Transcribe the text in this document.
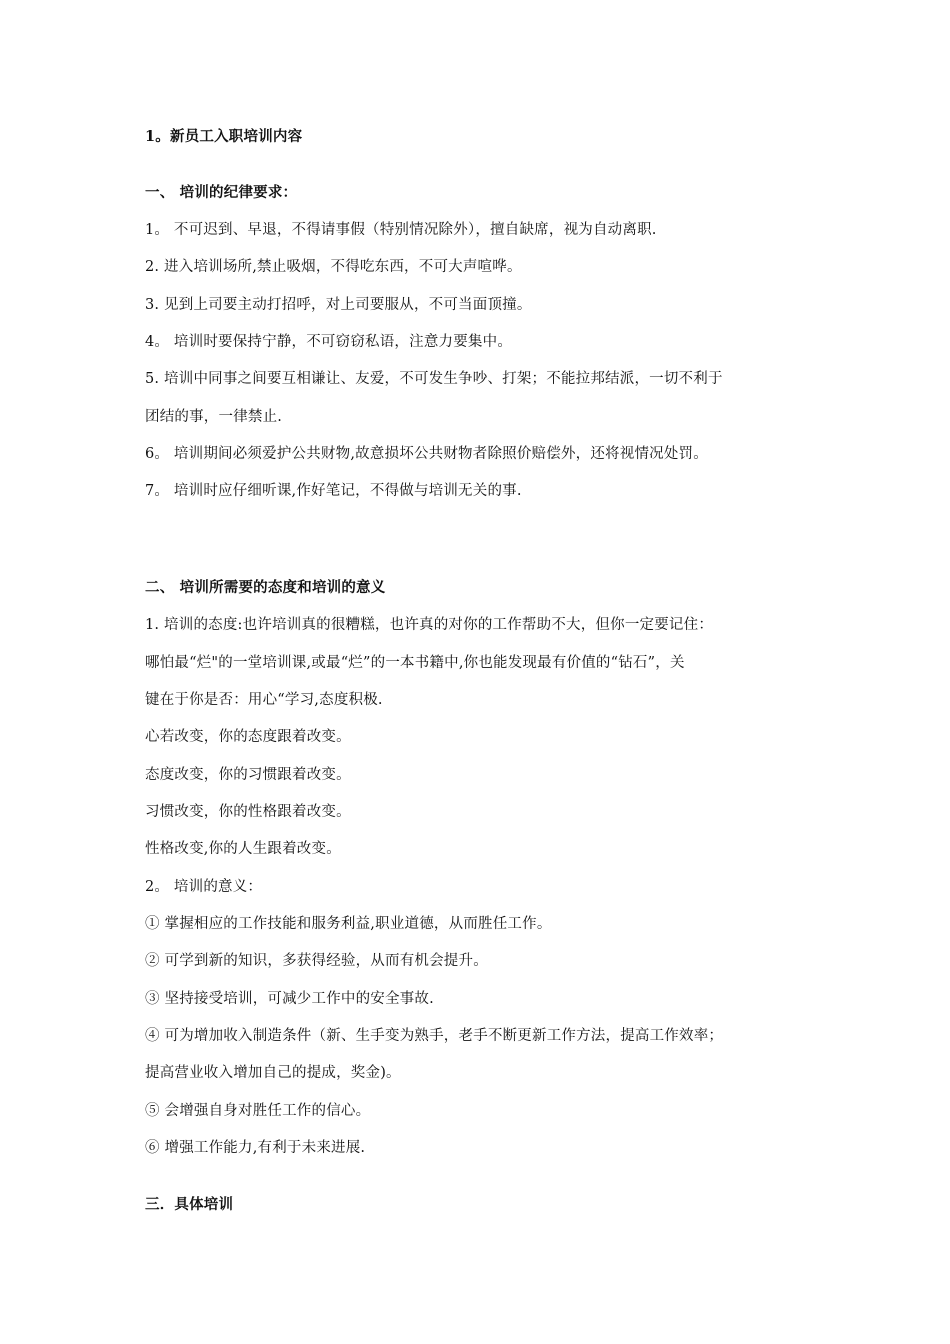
1。新员工入职培训内容
一、 培训的纪律要求：
1。 不可迟到、早退，不得请事假（特别情况除外），擅自缺席，视为自动离职.
2. 进入培训场所,禁止吸烟，不得吃东西，不可大声喧哗。
3. 见到上司要主动打招呼，对上司要服从，不可当面顶撞。
4。 培训时要保持宁静，不可窃窃私语，注意力要集中。
5. 培训中同事之间要互相谦让、友爱，不可发生争吵、打架；不能拉邦结派，一切不利于
团结的事，一律禁止.
6。 培训期间必须爱护公共财物,故意损坏公共财物者除照价赔偿外，还将视情况处罚。
7。 培训时应仔细听课,作好笔记，不得做与培训无关的事.
二、 培训所需要的态度和培训的意义
1. 培训的态度:也许培训真的很糟糕，也许真的对你的工作帮助不大，但你一定要记住：
哪怕最“烂"的一堂培训课,或最“烂”的一本书籍中,你也能发现最有价值的“钻石”，关
键在于你是否：用心“学习,态度积极.
心若改变，你的态度跟着改变。
态度改变，你的习惯跟着改变。
习惯改变，你的性格跟着改变。
性格改变,你的人生跟着改变。
2。 培训的意义：
① 掌握相应的工作技能和服务利益,职业道德，从而胜任工作。
② 可学到新的知识，多获得经验，从而有机会提升。
③ 坚持接受培训，可减少工作中的安全事故.
④ 可为增加收入制造条件（新、生手变为熟手，老手不断更新工作方法，提高工作效率；
提高营业收入增加自己的提成，奖金)。
⑤ 会增强自身对胜任工作的信心。
⑥ 增强工作能力,有利于未来进展.
三．具体培训
